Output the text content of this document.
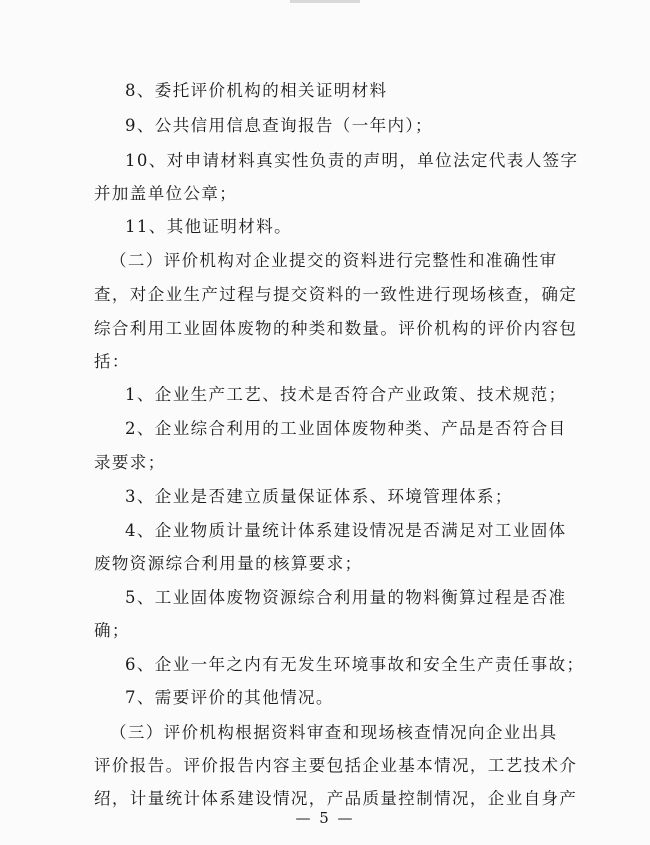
8、委托评价机构的相关证明材料
9、公共信用信息查询报告（一年内）；
10、对申请材料真实性负责的声明，单位法定代表人签字
并加盖单位公章；
11、其他证明材料。
（二）评价机构对企业提交的资料进行完整性和准确性审
查，对企业生产过程与提交资料的一致性进行现场核查，确定
综合利用工业固体废物的种类和数量。评价机构的评价内容包
括：
1、企业生产工艺、技术是否符合产业政策、技术规范；
2、企业综合利用的工业固体废物种类、产品是否符合目
录要求；
3、企业是否建立质量保证体系、环境管理体系；
4、企业物质计量统计体系建设情况是否满足对工业固体
废物资源综合利用量的核算要求；
5、工业固体废物资源综合利用量的物料衡算过程是否准
确；
6、企业一年之内有无发生环境事故和安全生产责任事故；
7、需要评价的其他情况。
（三）评价机构根据资料审查和现场核查情况向企业出具
评价报告。评价报告内容主要包括企业基本情况，工艺技术介
绍，计量统计体系建设情况，产品质量控制情况，企业自身产
— 5 —
